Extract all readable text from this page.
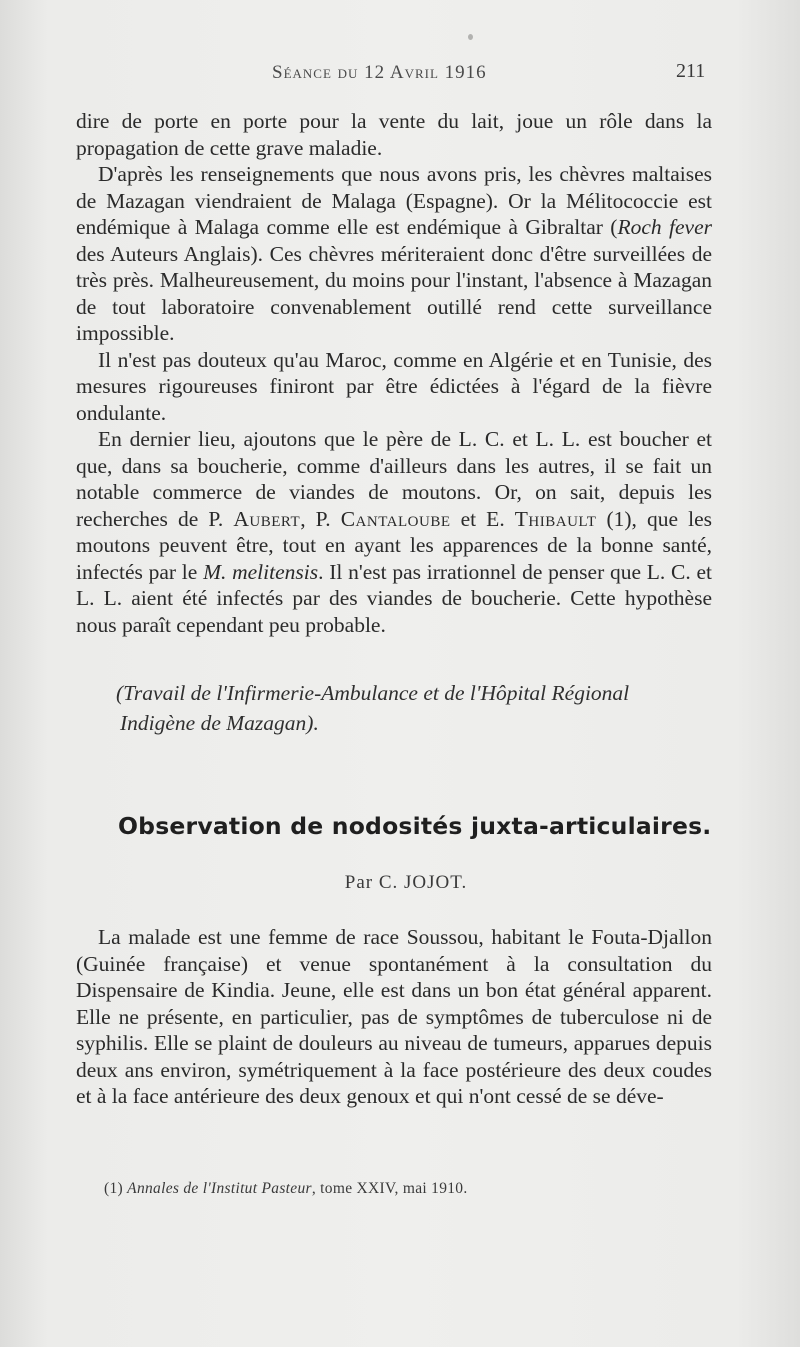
Séance du 12 Avril 1916	211

dire de porte en porte pour la vente du lait, joue un rôle dans la propagation de cette grave maladie.

D'après les renseignements que nous avons pris, les chèvres maltaises de Mazagan viendraient de Malaga (Espagne). Or la Mélitococcie est endémique à Malaga comme elle est endémique à Gibraltar (Roch fever des Auteurs Anglais). Ces chèvres mériteraient donc d'être surveillées de très près. Malheureusement, du moins pour l'instant, l'absence à Mazagan de tout laboratoire convenablement outillé rend cette surveillance impossible.

Il n'est pas douteux qu'au Maroc, comme en Algérie et en Tunisie, des mesures rigoureuses finiront par être édictées à l'égard de la fièvre ondulante.

En dernier lieu, ajoutons que le père de L. C. et L. L. est boucher et que, dans sa boucherie, comme d'ailleurs dans les autres, il se fait un notable commerce de viandes de moutons. Or, on sait, depuis les recherches de P. Aubert, P. Cantaloube et E. Thibault (1), que les moutons peuvent être, tout en ayant les apparences de la bonne santé, infectés par le M. melitensis. Il n'est pas irrationnel de penser que L. C. et L. L. aient été infectés par des viandes de boucherie. Cette hypothèse nous paraît cependant peu probable.

(Travail de l'Infirmerie-Ambulance et de l'Hôpital Régional
Indigène de Mazagan).
Observation de nodosités juxta-articulaires.
Par C. JOJOT.

La malade est une femme de race Soussou, habitant le Fouta-Djallon (Guinée française) et venue spontanément à la consultation du Dispensaire de Kindia. Jeune, elle est dans un bon état général apparent. Elle ne présente, en particulier, pas de symptômes de tuberculose ni de syphilis. Elle se plaint de douleurs au niveau de tumeurs, apparues depuis deux ans environ, symétriquement à la face postérieure des deux coudes et à la face antérieure des deux genoux et qui n'ont cessé de se déve-

(1) Annales de l'Institut Pasteur, tome XXIV, mai 1910.
